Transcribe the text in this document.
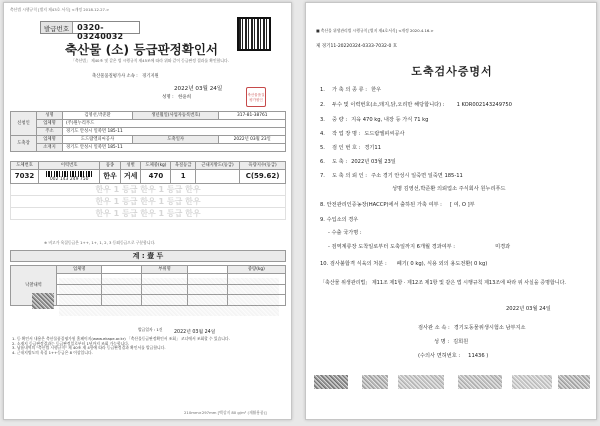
축산법 시행규칙 [별지 제43호 서식] <개정 2018.12.27.>
발급번호	0320-03240032
축산물 (소) 등급판정확인서
「축산법」 제40조 및 같은 법 시행규칙 제45조에 따라 위와 같이 등급판정 결과를 확인합니다.
축산물품질평가사 소속 : 경기지원
2022년 03월 24일
성명 : 한윤희	축산물품질평가원인
신청인	성명	김영선,박준환	생년월일(사업자등록번호)	317-81-38761
	업체명	(주)원누리푸드		
	주소	경기도 안성시 일죽면 185-11		
도축장	업체명	도드람엘피씨공사	도축일자	2022년 03월 23일
	소재지	경기도 안성시 일죽면 185-11		
도체번호	이력번호	품종	성별	도체중(kg)	육질등급	근내지방도(등급)	육량지수(등급)
7032	002 143 249 750	한우	거세	470	1		C(59.62)
한우 1 등급 한우 1 등급 한우							
한우 1 등급 한우 1 등급 한우							
한우 1 등급 한우 1 등급 한우							
※ 비고가 육질등급은 1++, 1+, 1, 2, 3 등외등급으로 구분합니다.
계 : 壹 두
낙찰내역	업체명		부위명		중량(kg)

발급일자 : 1건
2022년 03월 24일
1. 등 확인서 내용은 축산물품질평가원 홈페이지(www.ekape.or.kr) 「축산물등급판정확인서 조회」 코너에서 조회할 수 있습니다.
2. 소재지 등급판정결과는 등급판정일로부터 1년까지 조회 가능합니다.
3. 납품내역의 "축산법 시행규칙" 제 40조 제 4항에 따라 등급판정결과 확인서를 발급합니다.
4. 근내지방도의 육질 1++등급은 8 이상입니다.
210mm×297mm [백상지 80 g/m² (재활용품)]
■ 축산물 위생관리법 시행규칙 [별지 제4호서식] <개정 2020.4.16.>
제 경기11-20220324-0333-7032-0 호
도축검사증명서
1. 가 축 의 종 류 : 한우
2. 두수 및 이력번호(소,돼지,닭,오리만 해당합니다) : 1 KOR002143249750
3. 중 량 : 지육 470 kg, 내장 등 가식 71 kg
4. 작 업 장 명 : 도드람엘피씨공사
5. 검 인 번 호 : 경기11
6. 도 축 : 2022년 03월 23일
7. 도 축 의 뢰 인 : 주소 경기 안성시 일죽면 일죽면 185-11
성명 김영선,박준환 의뢰업소 주식회사 원누리푸드
8. 안전관리인증농장(HACCP)에서 출하된 가축 여부 : [ 여, O ]부
9. 수입소의 경우
- 수출 국가명 :
- 검역계류장 도착일로부터 도축일까지 6개월 경과여부 :	미경과
10. 검사불합격 식육의 처분 : 폐기( 0 kg), 식용 외의 용도전환( 0 kg)
「축산물 위생관리법」 제11조 제1항 · 제12조 제1항 및 같은 법 시행규칙 제13조에 따라 위 사실을 증명합니다.
2022년 03월 24일
검사관 소 속 : 경기도동물위생시험소 남부지소
성 명 : 김희원
(수의사 면허번호 : 11436 )
